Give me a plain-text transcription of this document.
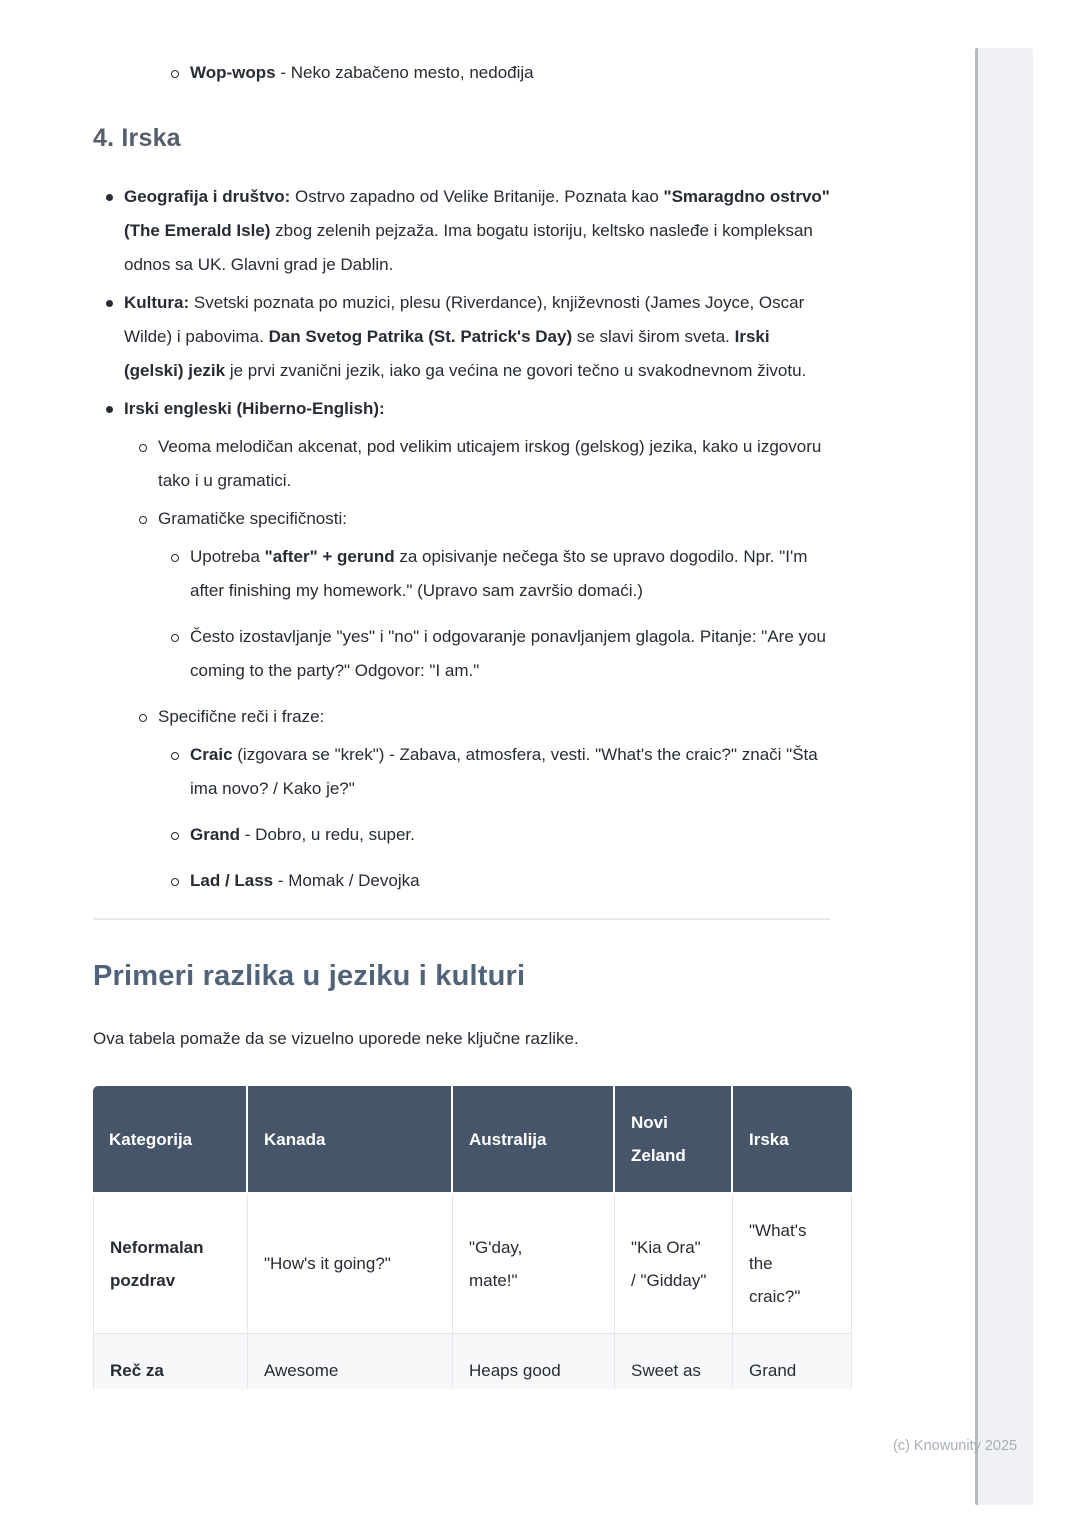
Wop-wops - Neko zabačeno mesto, nedođija
4. Irska
Geografija i društvo: Ostrvo zapadno od Velike Britanije. Poznata kao "Smaragdno ostrvo" (The Emerald Isle) zbog zelenih pejzaža. Ima bogatu istoriju, keltsko nasleđe i kompleksan odnos sa UK. Glavni grad je Dablin.
Kultura: Svetski poznata po muzici, plesu (Riverdance), književnosti (James Joyce, Oscar Wilde) i pabovima. Dan Svetog Patrika (St. Patrick's Day) se slavi širom sveta. Irski (gelski) jezik je prvi zvanični jezik, iako ga većina ne govori tečno u svakodnevnom životu.
Irski engleski (Hiberno-English):
Veoma melodičan akcenat, pod velikim uticajem irskog (gelskog) jezika, kako u izgovoru tako i u gramatici.
Gramatičke specifičnosti:
Upotreba "after" + gerund za opisivanje nečega što se upravo dogodilo. Npr. "I'm after finishing my homework." (Upravo sam završio domaći.)
Često izostavljanje "yes" i "no" i odgovaranje ponavljanjem glagola. Pitanje: "Are you coming to the party?" Odgovor: "I am."
Specifične reči i fraze:
Craic (izgovara se "krek") - Zabava, atmosfera, vesti. "What's the craic?" znači "Šta ima novo? / Kako je?"
Grand - Dobro, u redu, super.
Lad / Lass - Momak / Devojka
Primeri razlika u jeziku i kulturi

Ova tabela pomaže da se vizuelno uporede neke ključne razlike.

Kategorija	Kanada	Australija	Novi Zeland	Irska
Neformalan pozdrav	"How's it going?"	"G'day, mate!"	"Kia Ora" / "Gidday"	"What's the craic?"
Reč za	Awesome	Heaps good	Sweet as	Grand
(c) Knowunity 2025
